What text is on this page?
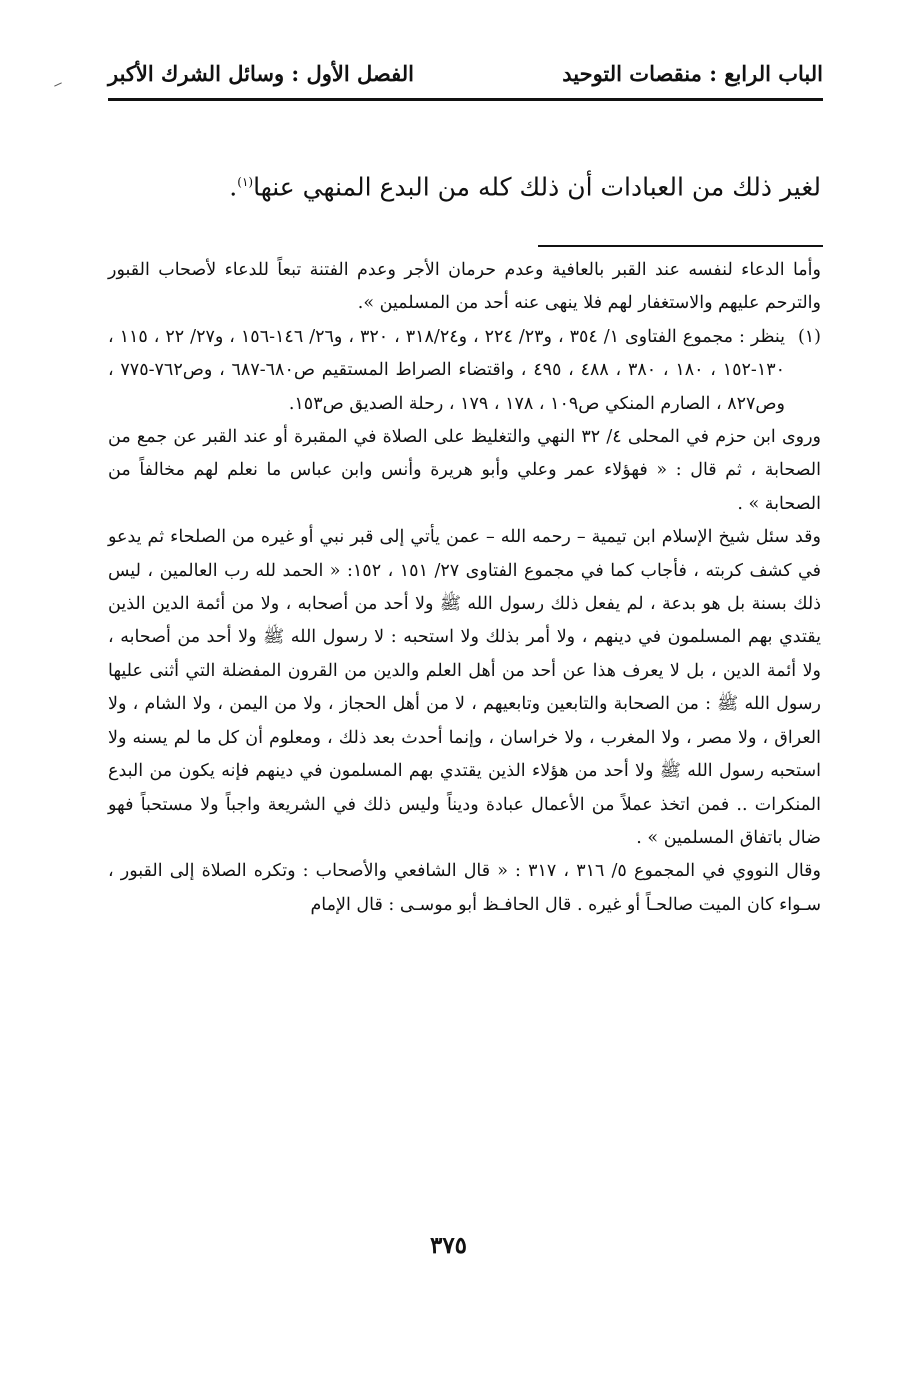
الباب الرابع : منقصات التوحيد
الفصل الأول : وسائل الشرك الأكبر
لغير ذلك من العبادات أن ذلك كله من البدع المنهي عنها$^{(١)}$.

وأما الدعاء لنفسه عند القبر بالعافية وعدم حرمان الأجر وعدم الفتنة تبعاً للدعاء لأصحاب القبور والترحم عليهم والاستغفار لهم فلا ينهى عنه أحد من المسلمين ».

(١)
ينظر : مجموع الفتاوى ١/ ٣٥٤ ، و٢٣/ ٢٢٤ ، و٣١٨/٢٤ ، ٣٢٠ ، و٢٦/ ١٤٦-١٥٦ ، و٢٧/ ٢٢ ، ١١٥ ، ١٣٠-١٥٢ ، ١٨٠ ، ٣٨٠ ، ٤٨٨ ، ٤٩٥ ، واقتضاء الصراط المستقيم ص٦٨٠-٦٨٧ ، وص٧٦٢-٧٧٥ ، وص٨٢٧ ، الصارم المنكي ص١٠٩ ، ١٧٨ ، ١٧٩ ، رحلة الصديق ص١٥٣.

وروى ابن حزم في المحلى ٤/ ٣٢ النهي والتغليظ على الصلاة في المقبرة أو عند القبر عن جمع من الصحابة ، ثم قال : « فهؤلاء عمر وعلي وأبو هريرة وأنس وابن عباس ما نعلم لهم مخالفاً من الصحابة » .

وقد سئل شيخ الإسلام ابن تيمية – رحمه الله – عمن يأتي إلى قبر نبي أو غيره من الصلحاء ثم يدعو في كشف كربته ، فأجاب كما في مجموع الفتاوى ٢٧/ ١٥١ ، ١٥٢: « الحمد لله رب العالمين ، ليس ذلك بسنة بل هو بدعة ، لم يفعل ذلك رسول الله ﷺ ولا أحد من أصحابه ، ولا من أئمة الدين الذين يقتدي بهم المسلمون في دينهم ، ولا أمر بذلك ولا استحبه : لا رسول الله ﷺ ولا أحد من أصحابه ، ولا أئمة الدين ، بل لا يعرف هذا عن أحد من أهل العلم والدين من القرون المفضلة التي أثنى عليها رسول الله ﷺ : من الصحابة والتابعين وتابعيهم ، لا من أهل الحجاز ، ولا من اليمن ، ولا الشام ، ولا العراق ، ولا مصر ، ولا المغرب ، ولا خراسان ، وإنما أحدث بعد ذلك ، ومعلوم أن كل ما لم يسنه ولا استحبه رسول الله ﷺ ولا أحد من هؤلاء الذين يقتدي بهم المسلمون في دينهم فإنه يكون من البدع المنكرات .. فمن اتخذ عملاً من الأعمال عبادة وديناً وليس ذلك في الشريعة واجباً ولا مستحباً فهو ضال باتفاق المسلمين » .

وقال النووي في المجموع ٥/ ٣١٦ ، ٣١٧ : « قال الشافعي والأصحاب : وتكره الصلاة إلى القبور ، سـواء كان الميت صالحـاً أو غيره . قال الحافـظ أبو موسـى : قال الإمام

٣٧٥
